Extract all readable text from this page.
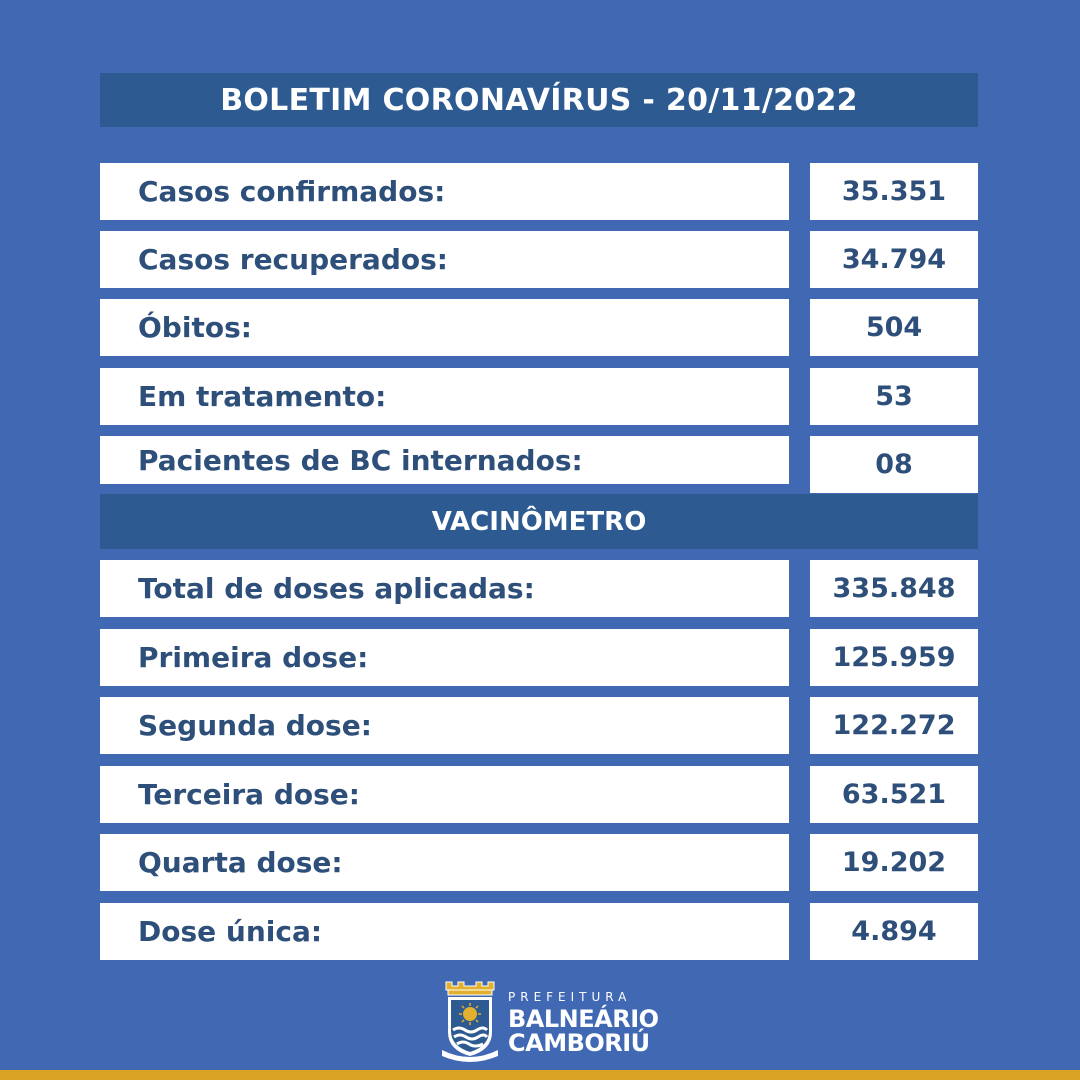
BOLETIM CORONAVÍRUS - 20/11/2022
Casos confirmados:	35.351
Casos recuperados:	34.794
Óbitos:	504
Em tratamento:	53
Pacientes de BC internados:	08
VACINÔMETRO
Total de doses aplicadas:	335.848
Primeira dose:	125.959
Segunda dose:	122.272
Terceira dose:	63.521
Quarta dose:	19.202
Dose única:	4.894
PREFEITURA
BALNEÁRIO
CAMBORIÚ
